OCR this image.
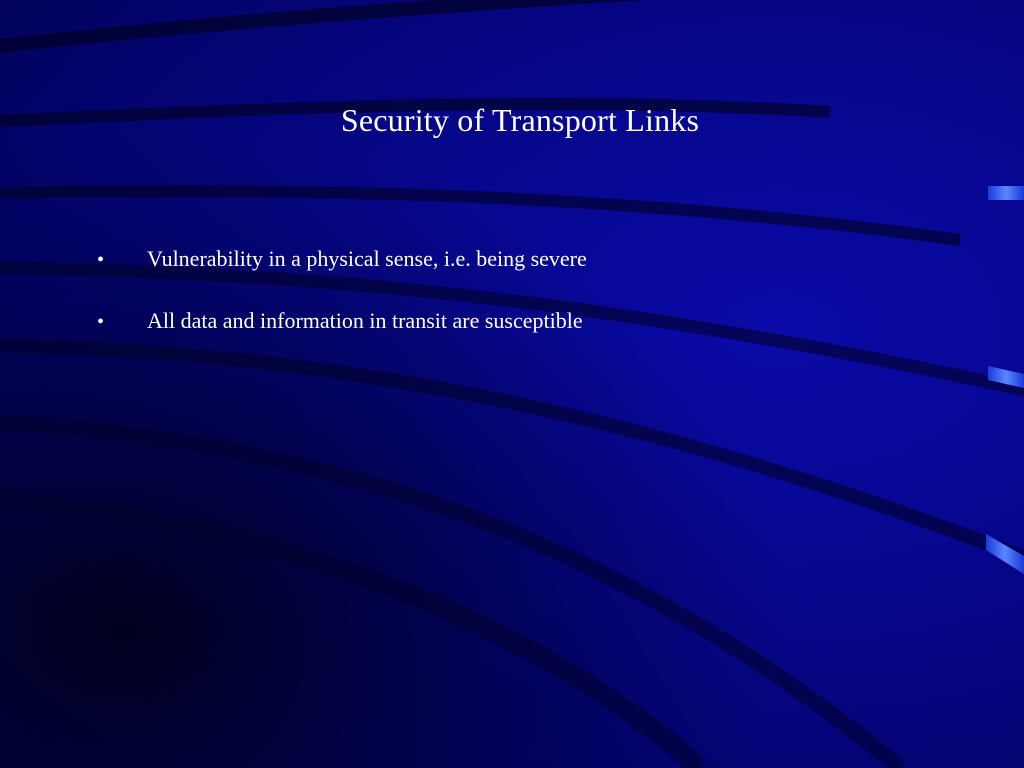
Security of Transport Links
•	Vulnerability in a physical sense, i.e. being severe
•	All data and information in transit are susceptible
